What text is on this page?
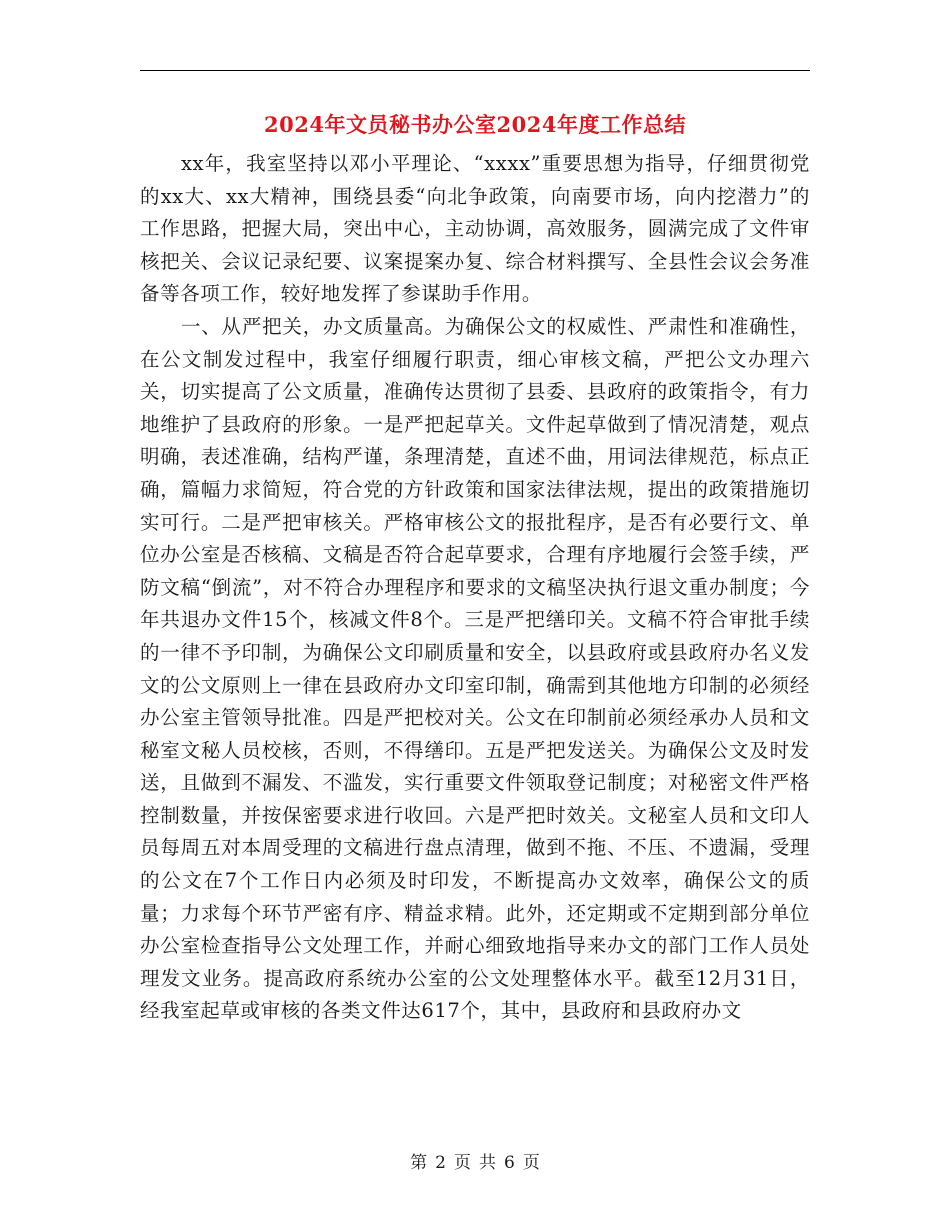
2024年文员秘书办公室2024年度工作总结

xx年，我室坚持以邓小平理论、“xxxx”重要思想为指导，仔细贯彻党的xx大、xx大精神，围绕县委“向北争政策，向南要市场，向内挖潜力”的工作思路，把握大局，突出中心，主动协调，高效服务，圆满完成了文件审核把关、会议记录纪要、议案提案办复、综合材料撰写、全县性会议会务准备等各项工作，较好地发挥了参谋助手作用。

一、从严把关，办文质量高。为确保公文的权威性、严肃性和准确性，在公文制发过程中，我室仔细履行职责，细心审核文稿，严把公文办理六关，切实提高了公文质量，准确传达贯彻了县委、县政府的政策指令，有力地维护了县政府的形象。一是严把起草关。文件起草做到了情况清楚，观点明确，表述准确，结构严谨，条理清楚，直述不曲，用词法律规范，标点正确，篇幅力求简短，符合党的方针政策和国家法律法规，提出的政策措施切实可行。二是严把审核关。严格审核公文的报批程序，是否有必要行文、单位办公室是否核稿、文稿是否符合起草要求，合理有序地履行会签手续，严防文稿“倒流”，对不符合办理程序和要求的文稿坚决执行退文重办制度；今年共退办文件15个，核减文件8个。三是严把缮印关。文稿不符合审批手续的一律不予印制，为确保公文印刷质量和安全，以县政府或县政府办名义发文的公文原则上一律在县政府办文印室印制，确需到其他地方印制的必须经办公室主管领导批准。四是严把校对关。公文在印制前必须经承办人员和文秘室文秘人员校核，否则，不得缮印。五是严把发送关。为确保公文及时发送，且做到不漏发、不滥发，实行重要文件领取登记制度；对秘密文件严格控制数量，并按保密要求进行收回。六是严把时效关。文秘室人员和文印人员每周五对本周受理的文稿进行盘点清理，做到不拖、不压、不遗漏，受理的公文在7个工作日内必须及时印发，不断提高办文效率，确保公文的质量；力求每个环节严密有序、精益求精。此外，还定期或不定期到部分单位办公室检查指导公文处理工作，并耐心细致地指导来办文的部门工作人员处理发文业务。提高政府系统办公室的公文处理整体水平。截至12月31日，经我室起草或审核的各类文件达617个，其中，县政府和县政府办文

第 2 页 共 6 页
